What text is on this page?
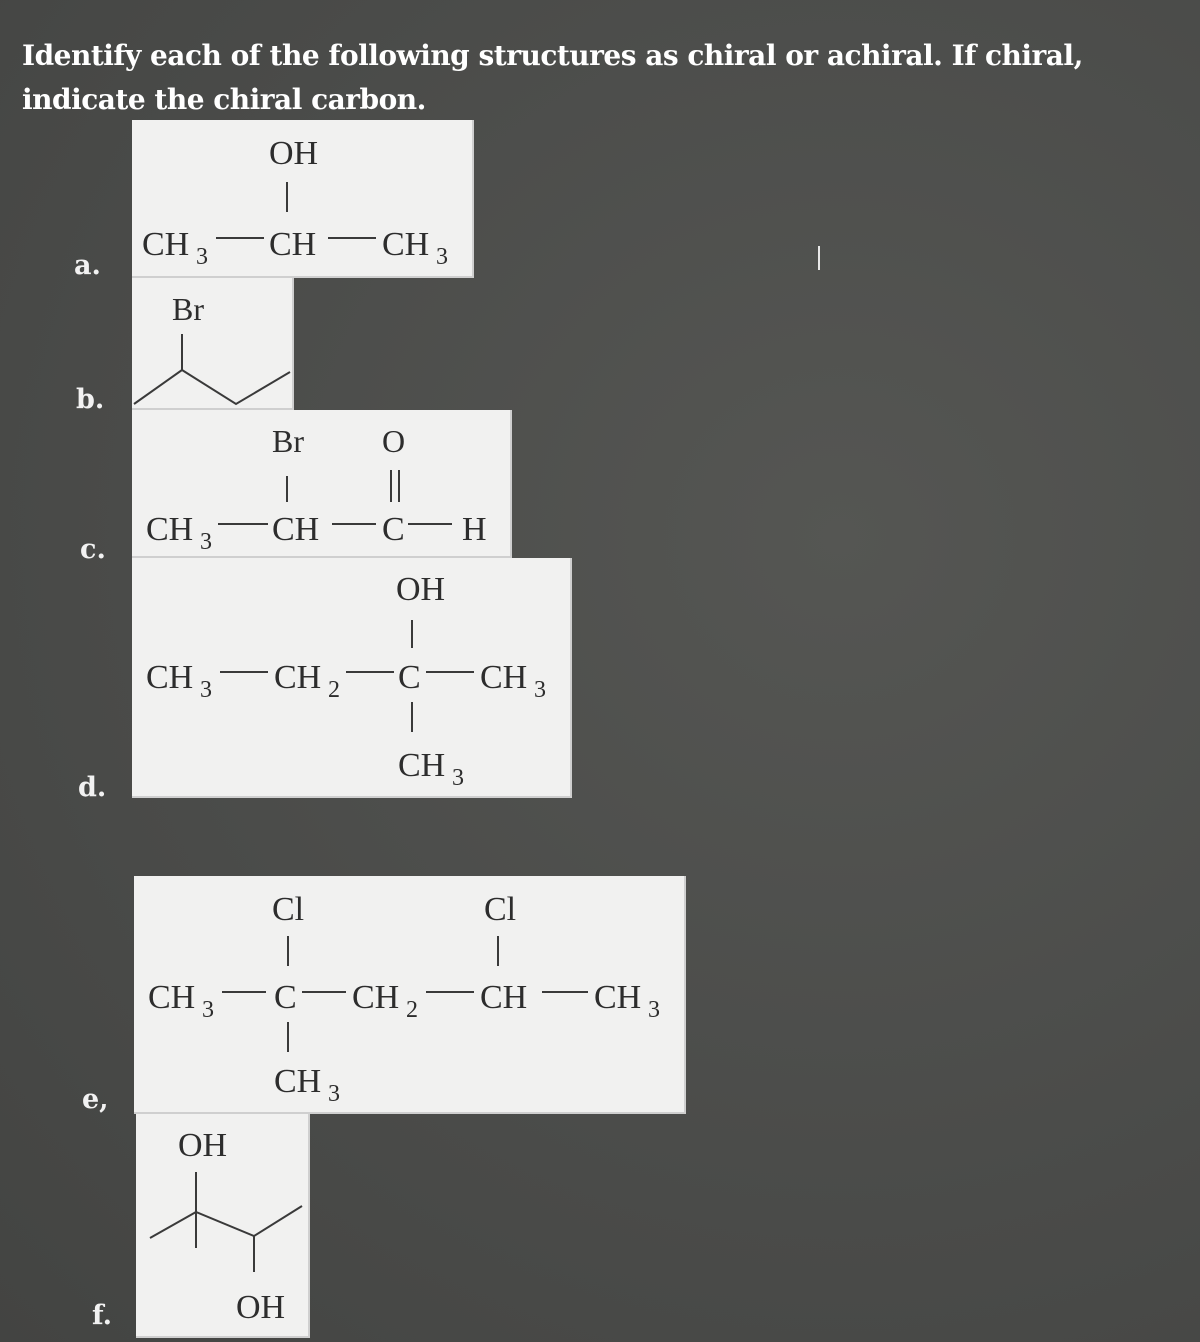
Identify each of the following structures as chiral or achiral. If chiral, indicate the chiral carbon.

a.
b.
c.
d.
e,
f.
OH
CH 3 CH CH 3
Br
Br O
CH 3 CH C H
OH
CH 3 CH 2 C CH 3
CH 3
Cl	Cl
CH 3 C CH 2 CH CH 3
CH 3
OH
OH
